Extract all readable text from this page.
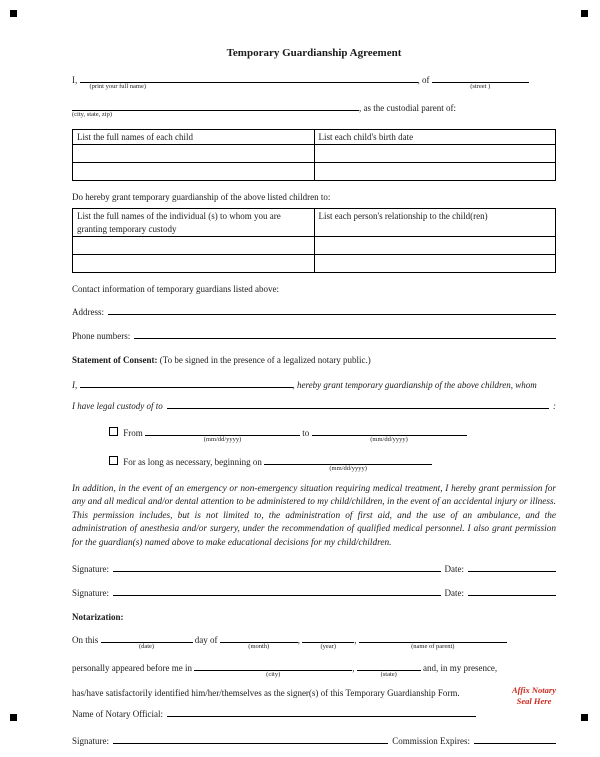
Temporary Guardianship Agreement
I,
(print your full name)
, of
(street )
(city, state, zip)
, as the custodial parent of:
List the full names of each child	List each child's birth date

Do hereby grant temporary guardianship of the above listed children to:
List the full names of the individual (s) to whom you are granting temporary custody	List each person's relationship to the child(ren)

Contact information of temporary guardians listed above:
Address:
Phone numbers:
Statement of Consent: (To be signed in the presence of a legalized notary public.)
I,	, hereby grant temporary guardianship of the above children, whom
I have legal custody of to	:
From
(mm/dd/yyyy)
to
(mm/dd/yyyy)
For as long as necessary, beginning on
(mm/dd/yyyy)
In addition, in the event of an emergency or non-emergency situation requiring medical treatment, I hereby grant permission for any and all medical and/or dental attention to be administered to my child/children, in the event of an accidental injury or illness. This permission includes, but is not limited to, the administration of first aid, and the use of an ambulance, and the administration of anesthesia and/or surgery, under the recommendation of qualified medical personnel. I also grant permission for the guardian(s) named above to make educational decisions for my child/children.
Signature:	Date:
Signature:	Date:
Notarization:
On this
(date)
day of
(month)
,
(year)
,
(name of parent)
personally appeared before me in
(city)
,
(state)
and, in my presence,
has/have satisfactorily identified him/her/themselves as the signer(s) of this Temporary Guardianship Form.	Affix Notary
Seal Here
Name of Notary Official:
Signature:	Commission Expires:
